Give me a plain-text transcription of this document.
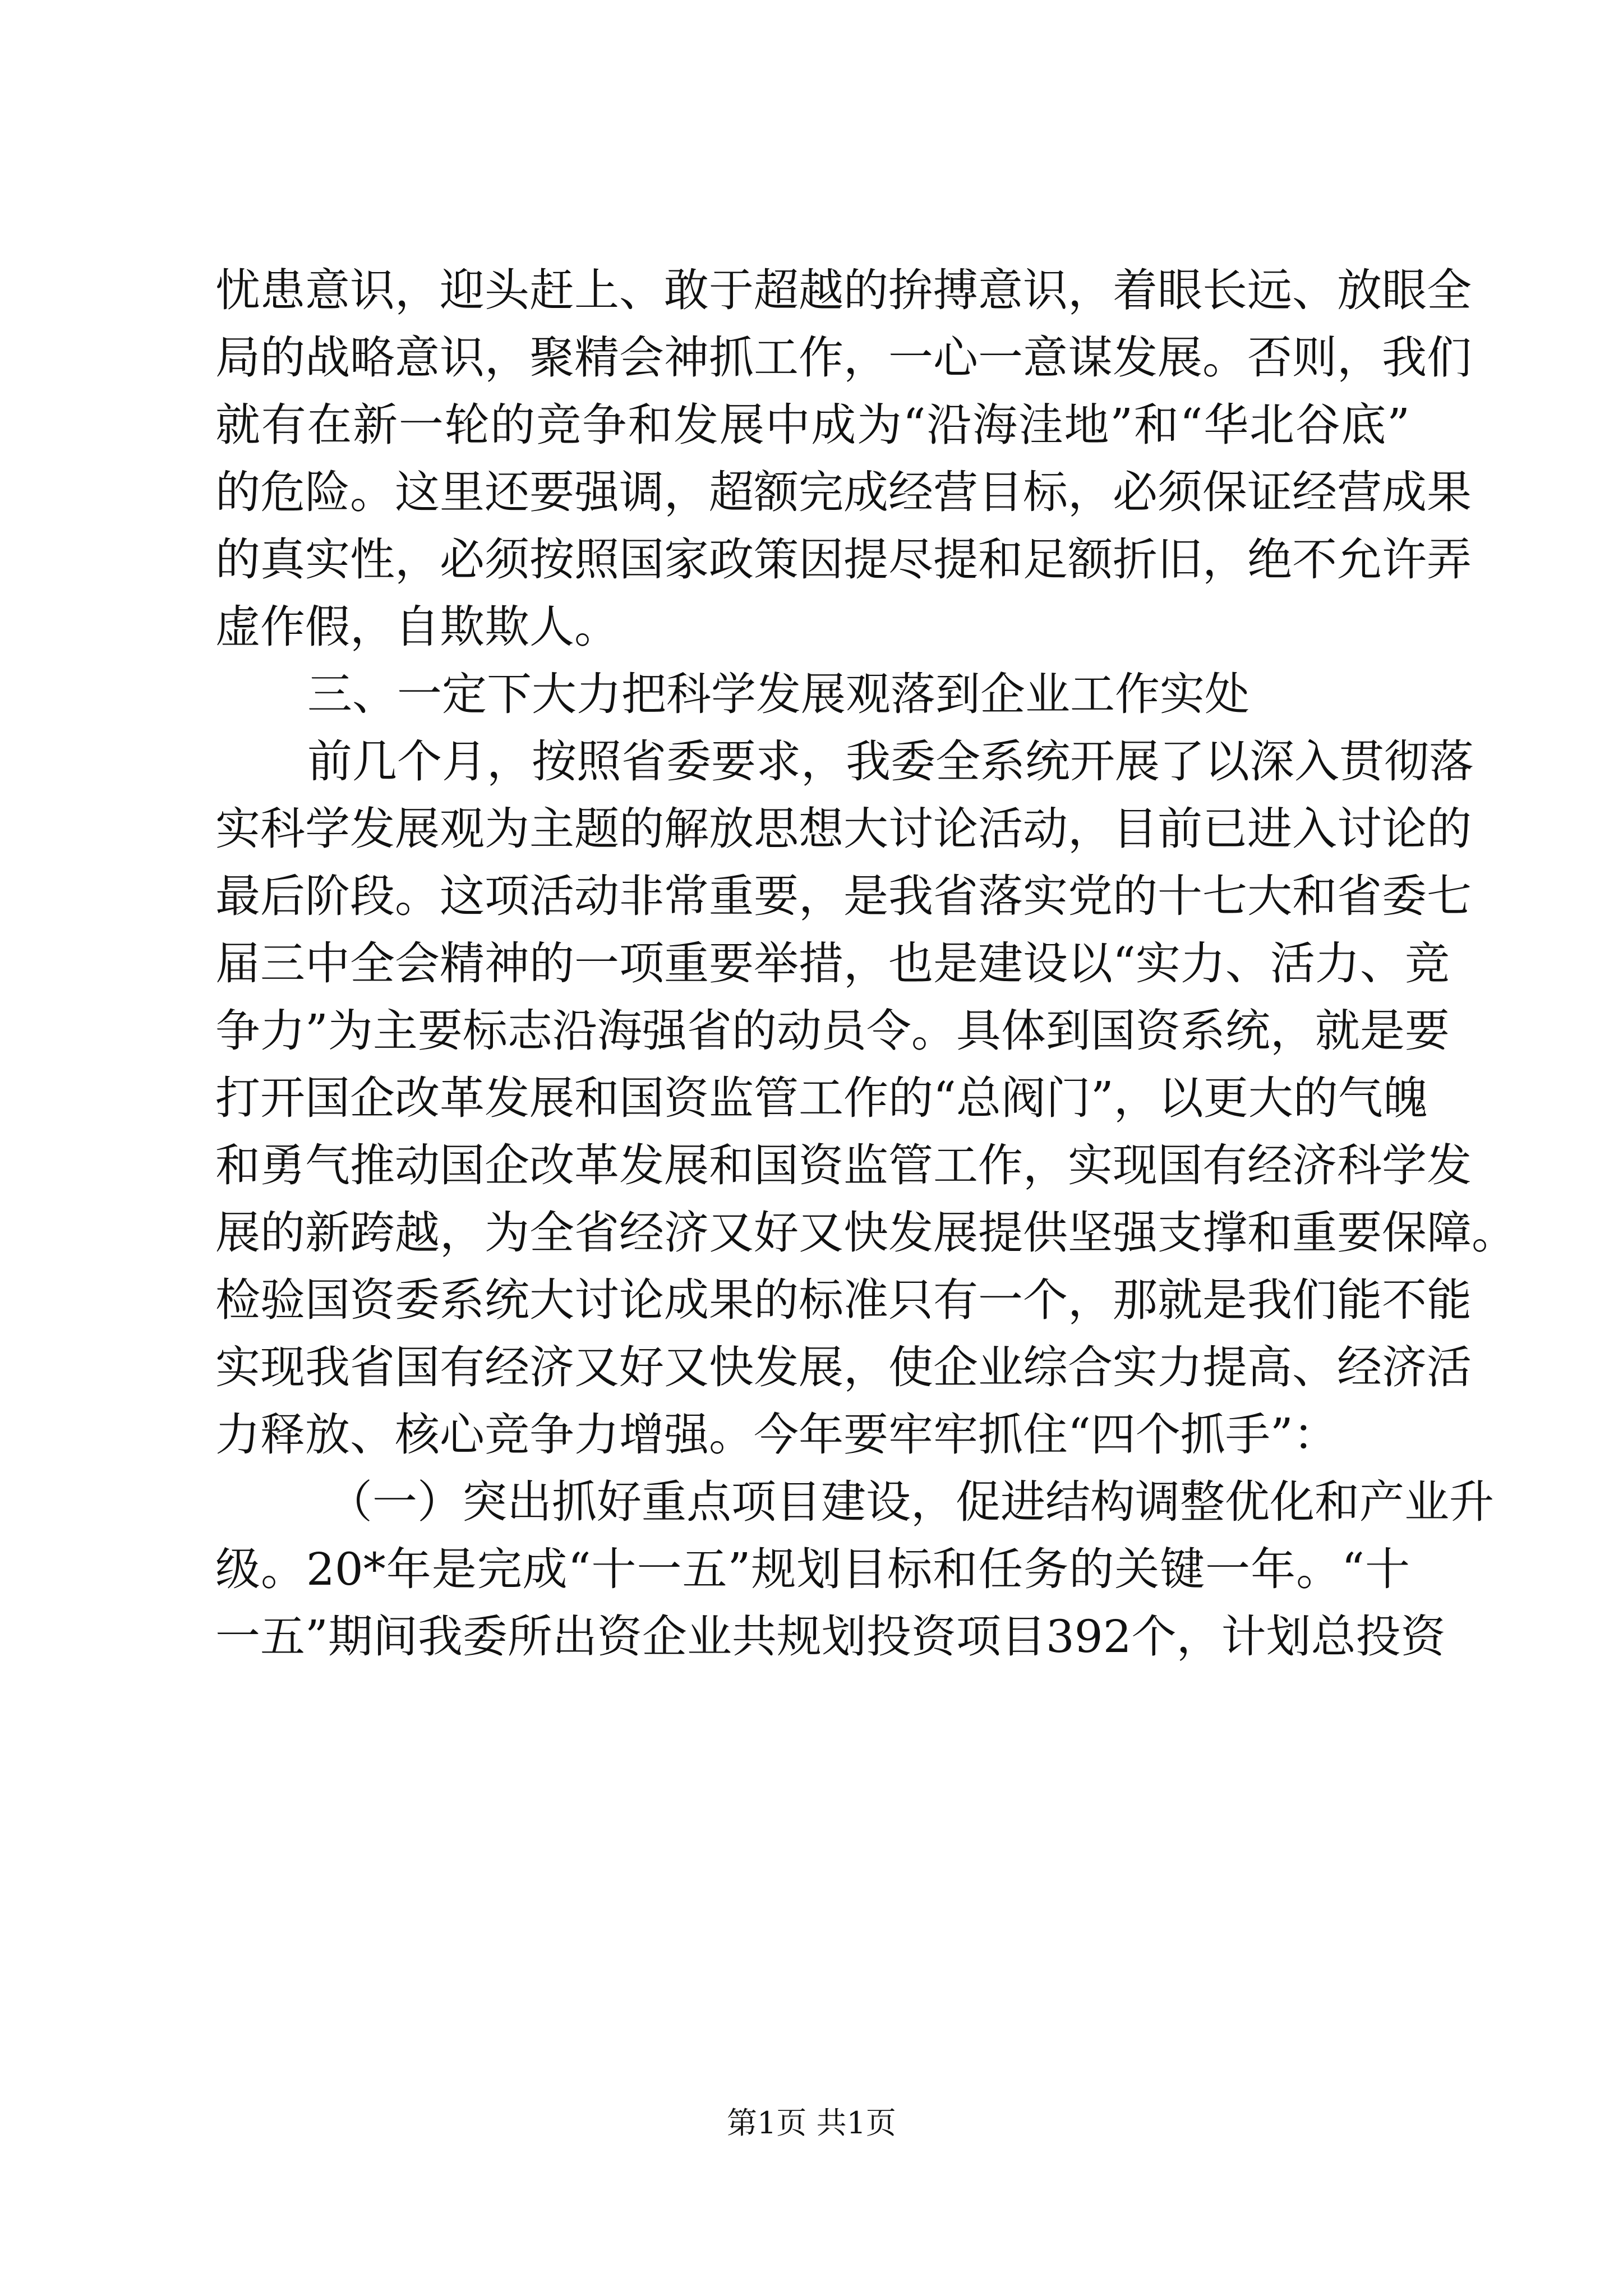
忧患意识，迎头赶上、敢于超越的拚搏意识，着眼长远、放眼全
局的战略意识，聚精会神抓工作，一心一意谋发展。否则，我们
就有在新一轮的竞争和发展中成为“沿海洼地”和“华北谷底”
的危险。这里还要强调，超额完成经营目标，必须保证经营成果
的真实性，必须按照国家政策因提尽提和足额折旧，绝不允许弄
虚作假，自欺欺人。
三、一定下大力把科学发展观落到企业工作实处
前几个月，按照省委要求，我委全系统开展了以深入贯彻落
实科学发展观为主题的解放思想大讨论活动，目前已进入讨论的
最后阶段。这项活动非常重要，是我省落实党的十七大和省委七
届三中全会精神的一项重要举措，也是建设以“实力、活力、竞
争力”为主要标志沿海强省的动员令。具体到国资系统，就是要
打开国企改革发展和国资监管工作的“总阀门”，以更大的气魄
和勇气推动国企改革发展和国资监管工作，实现国有经济科学发
展的新跨越，为全省经济又好又快发展提供坚强支撑和重要保障。
检验国资委系统大讨论成果的标准只有一个，那就是我们能不能
实现我省国有经济又好又快发展，使企业综合实力提高、经济活
力释放、核心竞争力增强。今年要牢牢抓住“四个抓手”：
（一）突出抓好重点项目建设，促进结构调整优化和产业升
级。20*年是完成“十一五”规划目标和任务的关键一年。“十
一五”期间我委所出资企业共规划投资项目392个，计划总投资
第1页 共1页
